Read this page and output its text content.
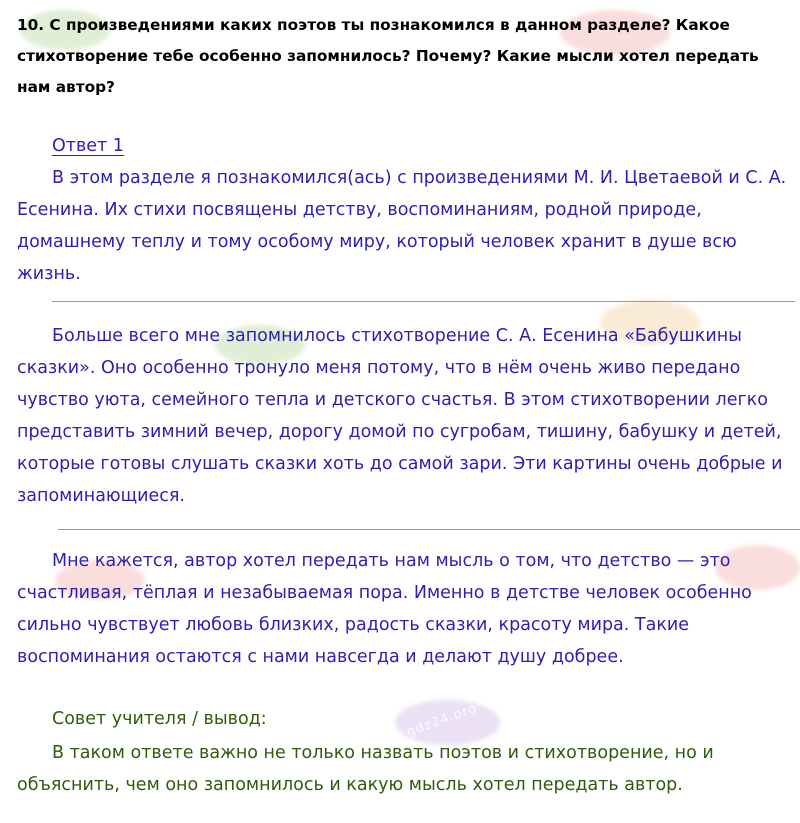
gdz24.org
10. С произведениями каких поэтов ты познакомился в данном разделе? Какое стихотворение тебе особенно запомнилось? Почему? Какие мысли хотел передать нам автор?
Ответ 1
В этом разделе я познакомился(ась) с произведениями М. И. Цветаевой и С. А. Есенина. Их стихи посвящены детству, воспоминаниям, родной природе, домашнему теплу и тому особому миру, который человек хранит в душе всю жизнь.
Больше всего мне запомнилось стихотворение С. А. Есенина «Бабушкины сказки». Оно особенно тронуло меня потому, что в нём очень живо передано чувство уюта, семейного тепла и детского счастья. В этом стихотворении легко представить зимний вечер, дорогу домой по сугробам, тишину, бабушку и детей, которые готовы слушать сказки хоть до самой зари. Эти картины очень добрые и запоминающиеся.
Мне кажется, автор хотел передать нам мысль о том, что детство — это счастливая, тёплая и незабываемая пора. Именно в детстве человек особенно сильно чувствует любовь близких, радость сказки, красоту мира. Такие воспоминания остаются с нами навсегда и делают душу добрее.
Совет учителя / вывод:
В таком ответе важно не только назвать поэтов и стихотворение, но и объяснить, чем оно запомнилось и какую мысль хотел передать автор.
